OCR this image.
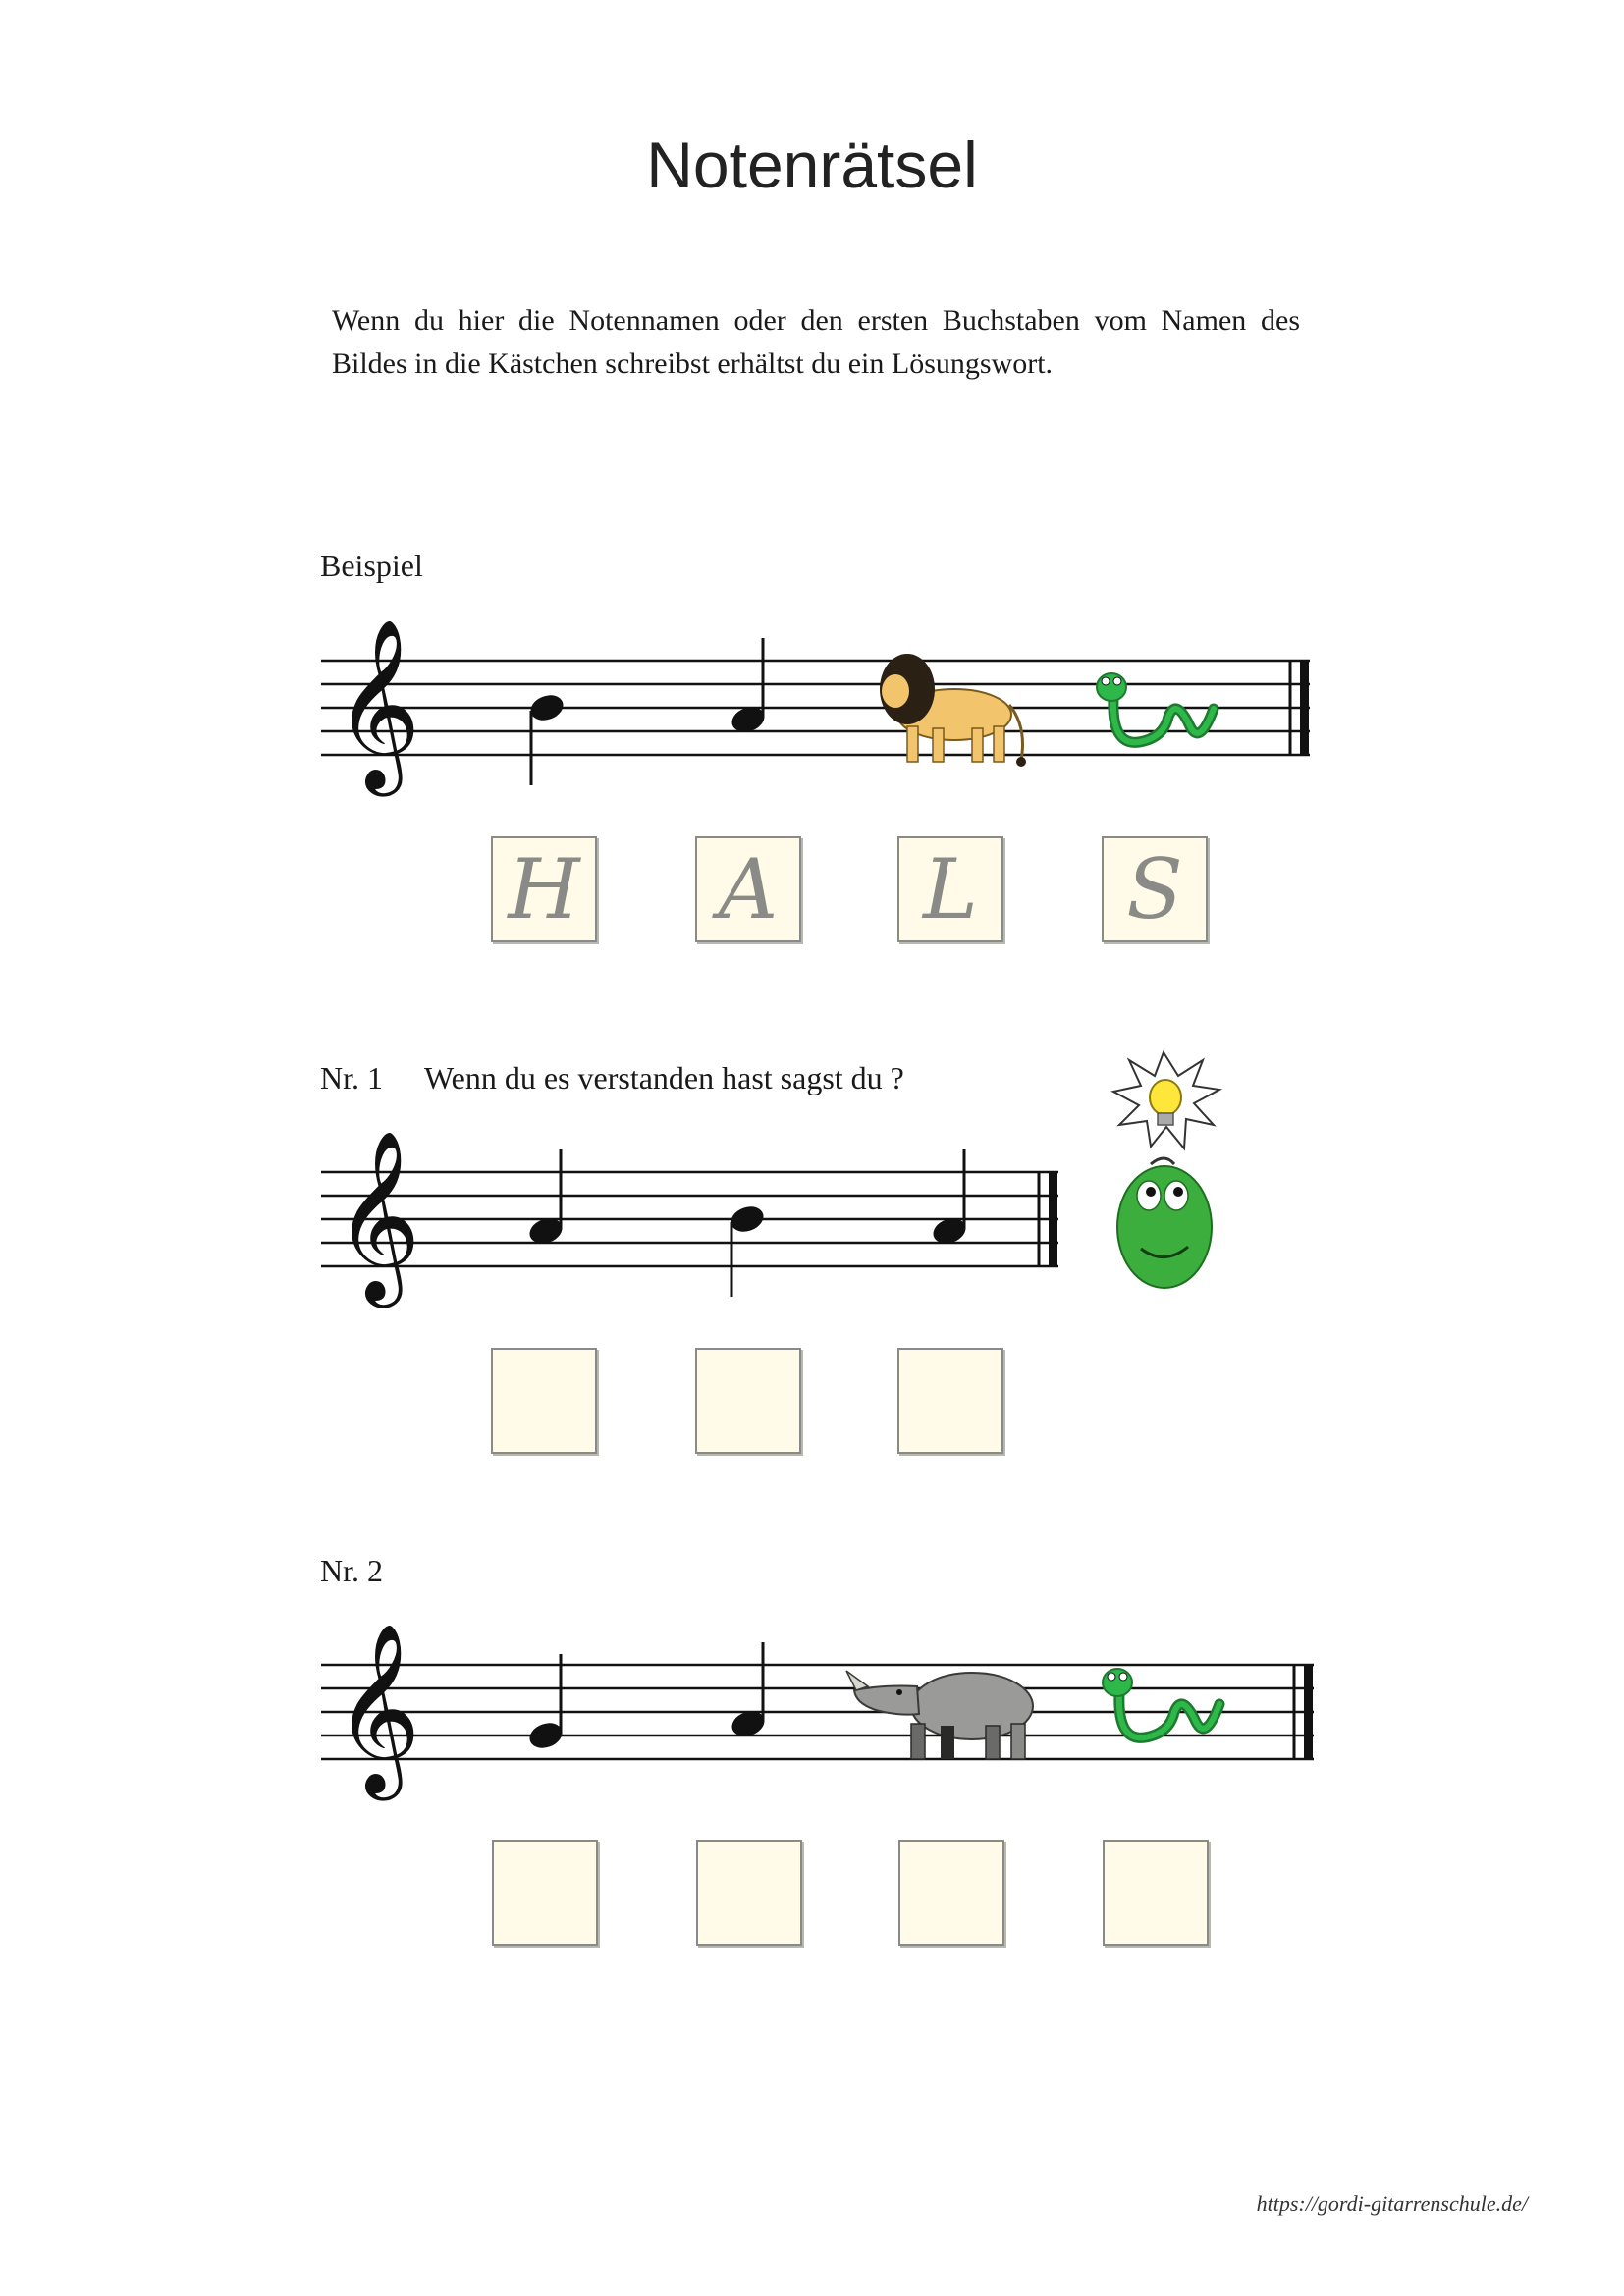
Notenrätsel
Wenn du hier die Notennamen oder den ersten Buchstaben vom Namen des Bildes in die Kästchen schreibst erhältst du ein Lösungswort.
Beispiel
𝄞
H A	L	S
Nr. 1 Wenn du es verstanden hast sagst du ?
𝄞
Nr. 2
𝄞
https://gordi-gitarrenschule.de/
